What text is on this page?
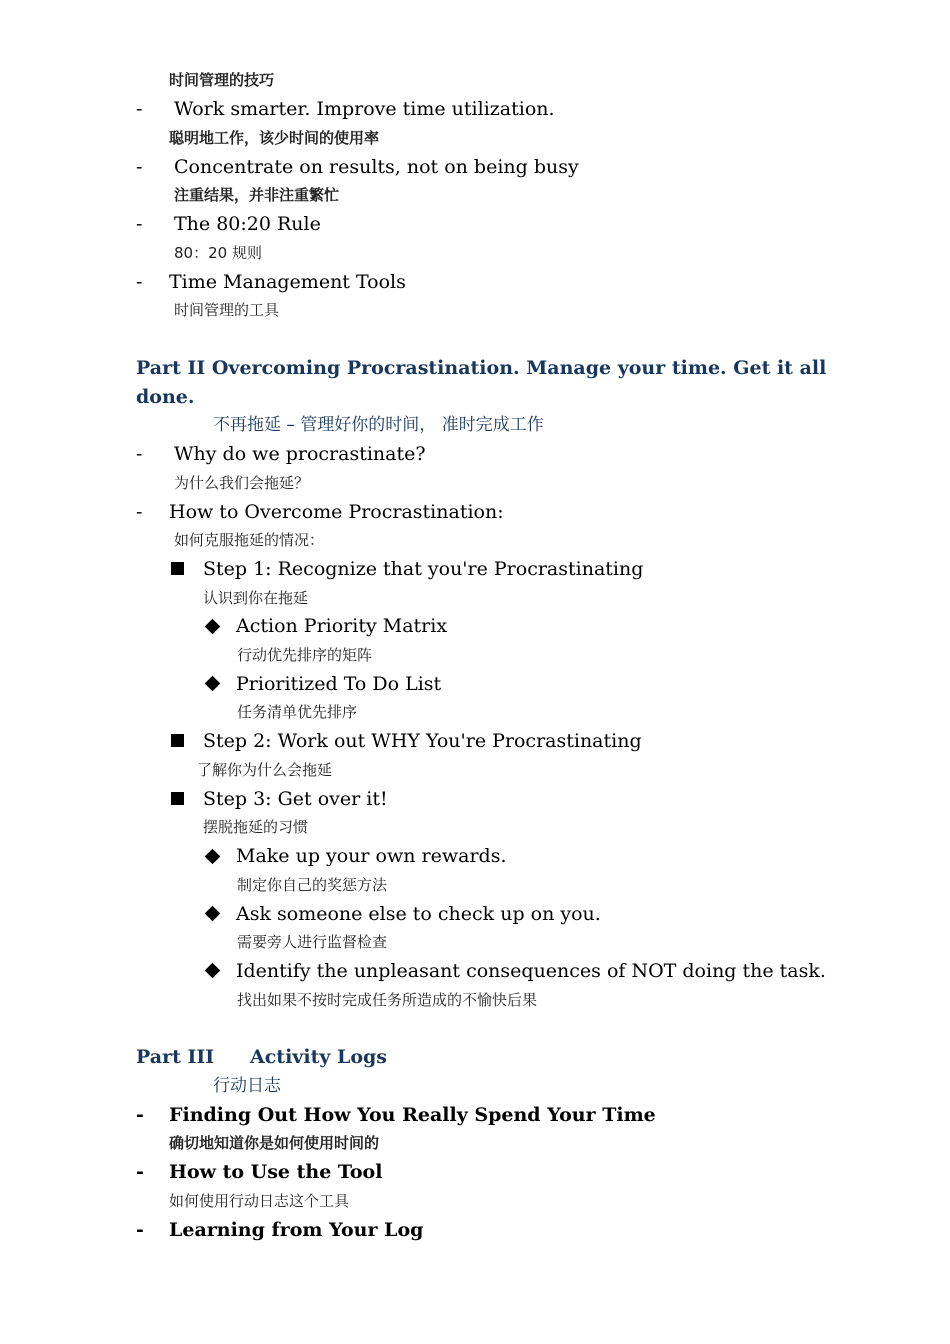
时间管理的技巧
- Work smarter. Improve time utilization.
聪明地工作，该少时间的使用率
- Concentrate on results, not on being busy
注重结果，并非注重繁忙
- The 80:20 Rule
80：20 规则
- Time Management Tools
时间管理的工具
Part II Overcoming Procrastination. Manage your time. Get it all
done.
不再拖延 – 管理好你的时间， 准时完成工作
- Why do we procrastinate?
为什么我们会拖延？
- How to Overcome Procrastination:
如何克服拖延的情况：
Step 1: Recognize that you're Procrastinating
认识到你在拖延
Action Priority Matrix
行动优先排序的矩阵
Prioritized To Do List
任务清单优先排序
Step 2: Work out WHY You're Procrastinating
了解你为什么会拖延
Step 3: Get over it!
摆脱拖延的习惯
Make up your own rewards.
制定你自己的奖惩方法
Ask someone else to check up on you.
需要旁人进行监督检查
Identify the unpleasant consequences of NOT doing the task.
找出如果不按时完成任务所造成的不愉快后果
Part III Activity Logs
行动日志
- Finding Out How You Really Spend Your Time
确切地知道你是如何使用时间的
- How to Use the Tool
如何使用行动日志这个工具
- Learning from Your Log
